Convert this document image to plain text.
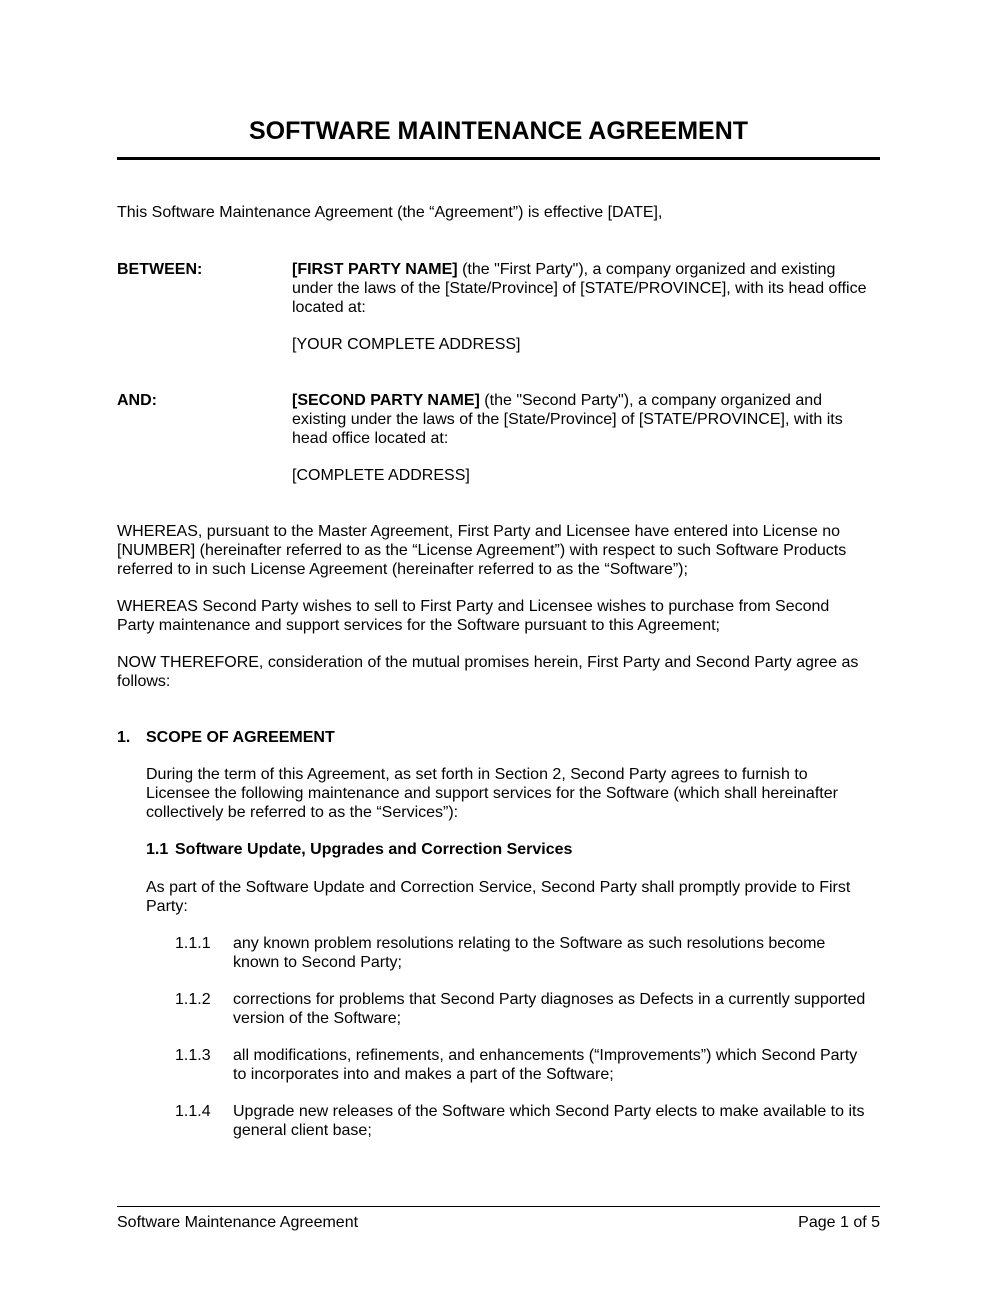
SOFTWARE MAINTENANCE AGREEMENT
This Software Maintenance Agreement (the “Agreement”) is effective [DATE],
BETWEEN:	[FIRST PARTY NAME] (the "First Party"), a company organized and existing
under the laws of the [State/Province] of [STATE/PROVINCE], with its head office
located at:
[YOUR COMPLETE ADDRESS]
AND:	[SECOND PARTY NAME] (the "Second Party"), a company organized and
existing under the laws of the [State/Province] of [STATE/PROVINCE], with its
head office located at:
[COMPLETE ADDRESS]
WHEREAS, pursuant to the Master Agreement, First Party and Licensee have entered into License no
[NUMBER] (hereinafter referred to as the “License Agreement”) with respect to such Software Products
referred to in such License Agreement (hereinafter referred to as the “Software”);
WHEREAS Second Party wishes to sell to First Party and Licensee wishes to purchase from Second
Party maintenance and support services for the Software pursuant to this Agreement;
NOW THEREFORE, consideration of the mutual promises herein, First Party and Second Party agree as
follows:
1. SCOPE OF AGREEMENT
During the term of this Agreement, as set forth in Section 2, Second Party agrees to furnish to
Licensee the following maintenance and support services for the Software (which shall hereinafter
collectively be referred to as the “Services”):
1.1 Software Update, Upgrades and Correction Services
As part of the Software Update and Correction Service, Second Party shall promptly provide to First
Party:
1.1.1 any known problem resolutions relating to the Software as such resolutions become
known to Second Party;
1.1.2 corrections for problems that Second Party diagnoses as Defects in a currently supported
version of the Software;
1.1.3 all modifications, refinements, and enhancements (“Improvements”) which Second Party
to incorporates into and makes a part of the Software;
1.1.4 Upgrade new releases of the Software which Second Party elects to make available to its
general client base;
Software Maintenance Agreement	Page 1 of 5
